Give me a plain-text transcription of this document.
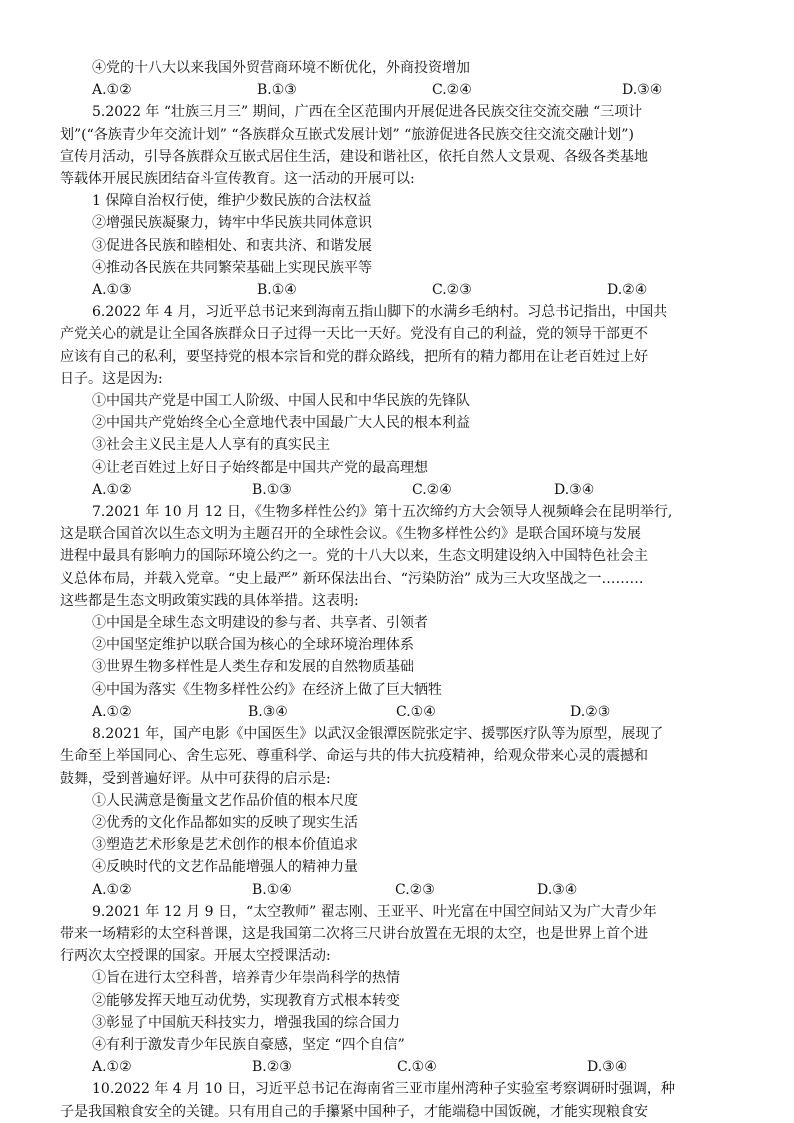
④党的十八大以来我国外贸营商环境不断优化，外商投资增加
A.①②	B.①③	C.②④	D.③④
5.2022 年 “壮族三月三” 期间，广西在全区范围内开展促进各民族交往交流交融 “三项计
划”(“各族青少年交流计划” “各族群众互嵌式发展计划” “旅游促进各民族交往交流交融计划”)
宣传月活动，引导各族群众互嵌式居住生活，建设和谐社区，依托自然人文景观、各级各类基地
等载体开展民族团结奋斗宣传教育。这一活动的开展可以:
1 保障自治权行使，维护少数民族的合法权益
②增强民族凝聚力，铸牢中华民族共同体意识
③促进各民族和睦相处、和衷共济、和谐发展
④推动各民族在共同繁荣基础上实现民族平等
A.①③	B.①④	C.②③	D.②④
6.2022 年 4 月，习近平总书记来到海南五指山脚下的水满乡毛纳村。习总书记指出，中国共
产党关心的就是让全国各族群众日子过得一天比一天好。党没有自己的利益，党的领导干部更不
应该有自己的私利，要坚持党的根本宗旨和党的群众路线，把所有的精力都用在让老百姓过上好
日子。这是因为:
①中国共产党是中国工人阶级、中国人民和中华民族的先锋队
②中国共产党始终全心全意地代表中国最广大人民的根本利益
③社会主义民主是人人享有的真实民主
④让老百姓过上好日子始终都是中国共产党的最高理想
A.①②	B.①③	C.②④	D.③④
7.2021 年 10 月 12 日，《生物多样性公约》第十五次缔约方大会领导人视频峰会在昆明举行,
这是联合国首次以生态文明为主题召开的全球性会议。《生物多样性公约》是联合国环境与发展
进程中最具有影响力的国际环境公约之一。党的十八大以来，生态文明建设纳入中国特色社会主
义总体布局，并载入党章。“史上最严” 新环保法出台、“污染防治” 成为三大攻坚战之一………
这些都是生态文明政策实践的具体举措。这表明:
①中国是全球生态文明建设的参与者、共享者、引领者
②中国坚定维护以联合国为核心的全球环境治理体系
③世界生物多样性是人类生存和发展的自然物质基础
④中国为落实《生物多样性公约》在经济上做了巨大牺牲
A.①②	B.③④	C.①④	D.②③
8.2021 年，国产电影《中国医生》以武汉金银潭医院张定宇、援鄂医疗队等为原型，展现了
生命至上举国同心、舍生忘死、尊重科学、命运与共的伟大抗疫精神，给观众带来心灵的震撼和
鼓舞，受到普遍好评。从中可获得的启示是:
①人民满意是衡量文艺作品价值的根本尺度
②优秀的文化作品都如实的反映了现实生活
③塑造艺术形象是艺术创作的根本价值追求
④反映时代的文艺作品能增强人的精神力量
A.①②	B.①④	C.②③	D.③④
9.2021 年 12 月 9 日，“太空教师” 翟志刚、王亚平、叶光富在中国空间站又为广大青少年
带来一场精彩的太空科普课，这是我国第二次将三尺讲台放置在无垠的太空，也是世界上首个进
行两次太空授课的国家。开展太空授课活动:
①旨在进行太空科普，培养青少年崇尚科学的热情
②能够发挥天地互动优势，实现教育方式根本转变
③彰显了中国航天科技实力，增强我国的综合国力
④有利于激发青少年民族自豪感，坚定 “四个自信”
A.①②	B.②③	C.①④	D.③④
10.2022 年 4 月 10 日，习近平总书记在海南省三亚市崖州湾种子实验室考察调研时强调，种
子是我国粮食安全的关键。只有用自己的手攥紧中国种子，才能端稳中国饭碗，才能实现粮食安
